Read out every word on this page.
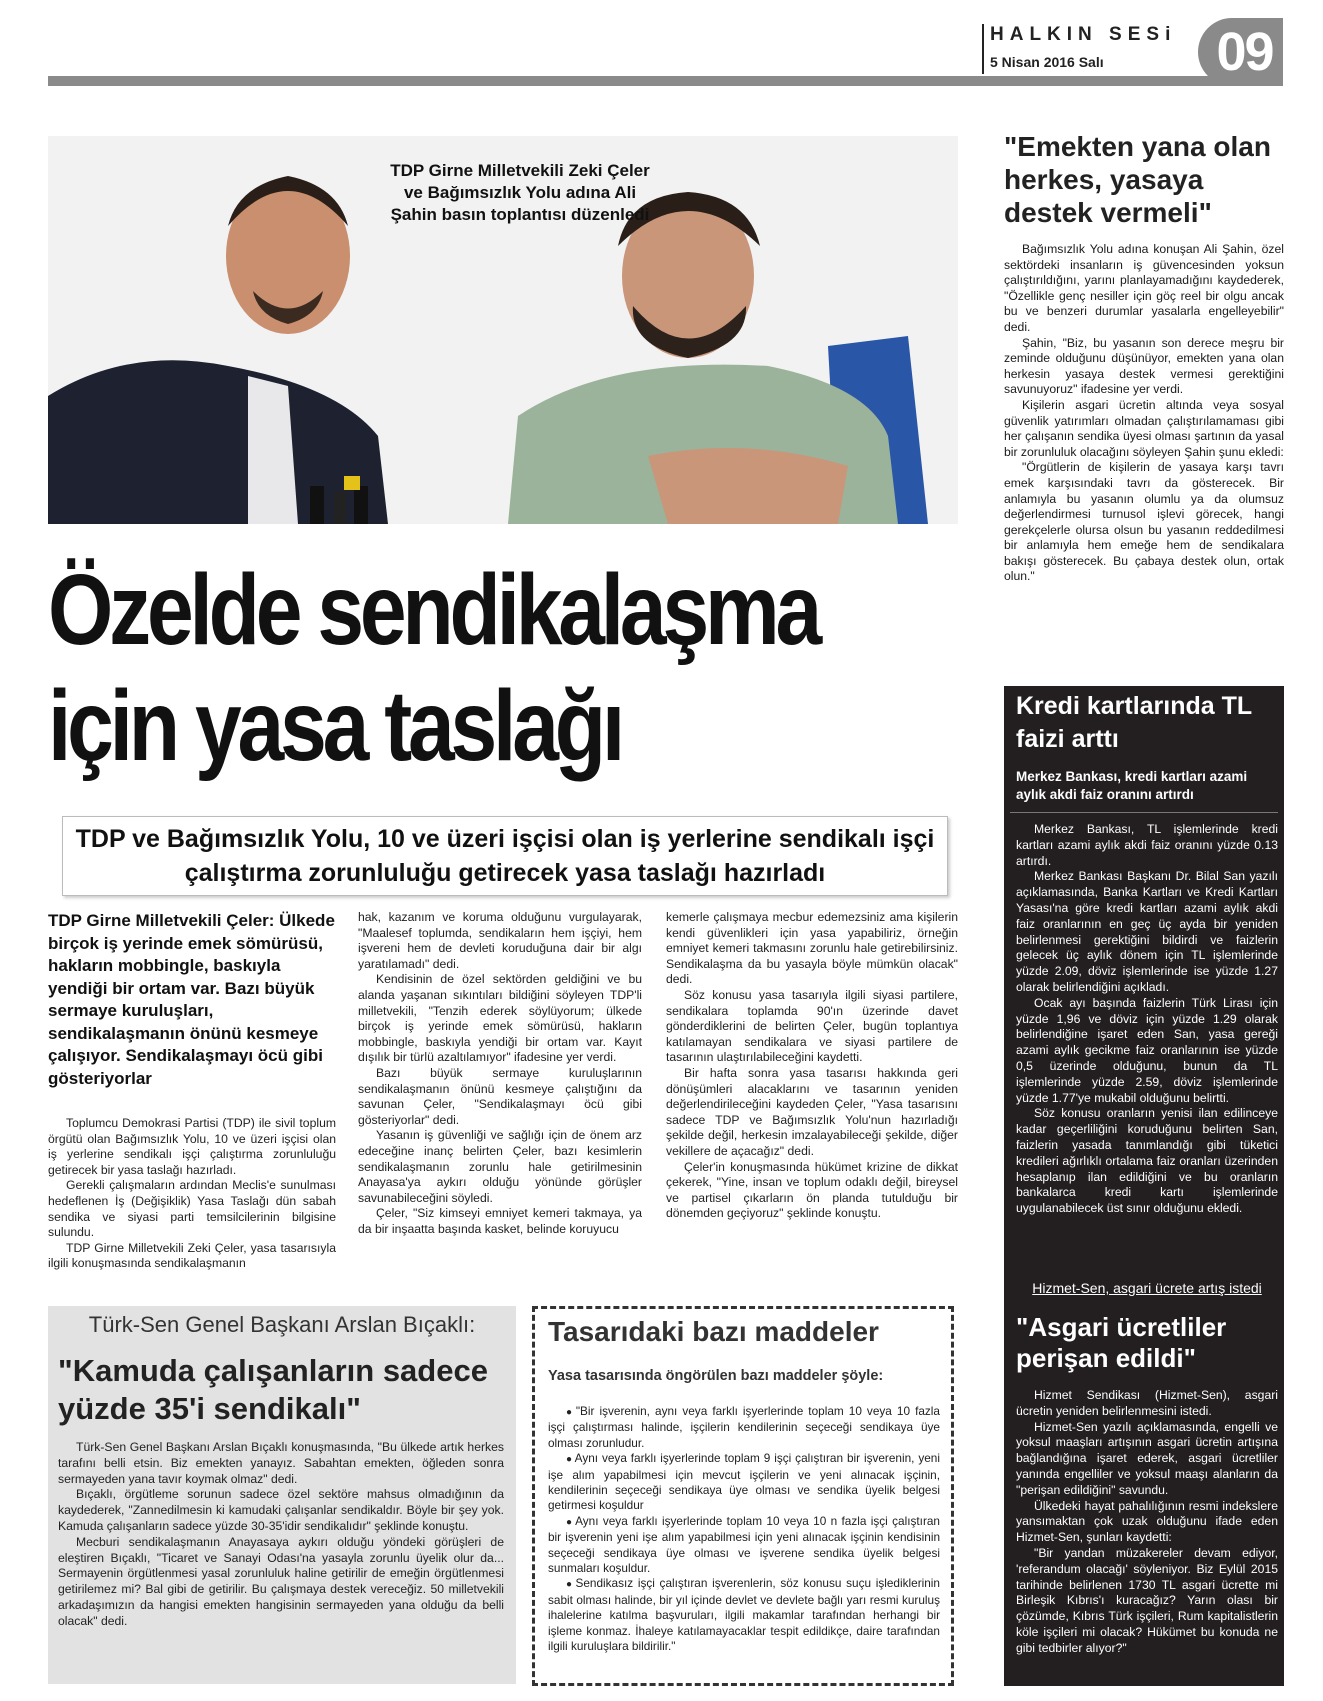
HALKIN SESi
5 Nisan 2016 Salı 09
TDP Girne Milletvekili Zeki Çeler ve Bağımsızlık Yolu adına Ali Şahin basın toplantısı düzenledi
Özelde sendikalaşma
için yasa taslağı
TDP ve Bağımsızlık Yolu, 10 ve üzeri işçisi olan iş yerlerine sendikalı işçi çalıştırma zorunluluğu getirecek yasa taslağı hazırladı
TDP Girne Milletvekili Çeler: Ülkede birçok iş yerinde emek sömürüsü, hakların mobbingle, baskıyla yendiği bir ortam var. Bazı büyük sermaye kuruluşları, sendikalaşmanın önünü kesmeye çalışıyor. Sendikalaşmayı öcü gibi gösteriyorlar

Toplumcu Demokrasi Partisi (TDP) ile sivil toplum örgütü olan Bağımsızlık Yolu, 10 ve üzeri işçisi olan iş yerlerine sendikalı işçi çalıştırma zorunluluğu getirecek bir yasa taslağı hazırladı.

Gerekli çalışmaların ardından Meclis'e sunulması hedeflenen İş (Değişiklik) Yasa Taslağı dün sabah sendika ve siyasi parti temsilcilerinin bilgisine sulundu.

TDP Girne Milletvekili Zeki Çeler, yasa tasarısıyla ilgili konuşmasında sendikalaşmanın

hak, kazanım ve koruma olduğunu vurgulayarak, "Maalesef toplumda, sendikaların hem işçiyi, hem işvereni hem de devleti koruduğuna dair bir algı yaratılamadı" dedi.

Kendisinin de özel sektörden geldiğini ve bu alanda yaşanan sıkıntıları bildiğini söyleyen TDP'li milletvekili, "Tenzih ederek söylüyorum; ülkede birçok iş yerinde emek sömürüsü, hakların mobbingle, baskıyla yendiği bir ortam var. Kayıt dışılık bir türlü azaltılamıyor" ifadesine yer verdi.

Bazı büyük sermaye kuruluşlarının sendikalaşmanın önünü kesmeye çalıştığını da savunan Çeler, "Sendikalaşmayı öcü gibi gösteriyorlar" dedi.

Yasanın iş güvenliği ve sağlığı için de önem arz edeceğine inanç belirten Çeler, bazı kesimlerin sendikalaşmanın zorunlu hale getirilmesinin Anayasa'ya aykırı olduğu yönünde görüşler savunabileceğini söyledi.

Çeler, "Siz kimseyi emniyet kemeri takmaya, ya da bir inşaatta başında kasket, belinde koruyucu

kemerle çalışmaya mecbur edemezsiniz ama kişilerin kendi güvenlikleri için yasa yapabiliriz, örneğin emniyet kemeri takmasını zorunlu hale getirebilirsiniz. Sendikalaşma da bu yasayla böyle mümkün olacak" dedi.

Söz konusu yasa tasarıyla ilgili siyasi partilere, sendikalara toplamda 90'ın üzerinde davet gönderdiklerini de belirten Çeler, bugün toplantıya katılamayan sendikalara ve siyasi partilere de tasarının ulaştırılabileceğini kaydetti.

Bir hafta sonra yasa tasarısı hakkında geri dönüşümleri alacaklarını ve tasarının yeniden değerlendirileceğini kaydeden Çeler, "Yasa tasarısını sadece TDP ve Bağımsızlık Yolu'nun hazırladığı şekilde değil, herkesin imzalayabileceği şekilde, diğer vekillere de açacağız" dedi.

Çeler'in konuşmasında hükümet krizine de dikkat çekerek, "Yine, insan ve toplum odaklı değil, bireysel ve partisel çıkarların ön planda tutulduğu bir dönemden geçiyoruz" şeklinde konuştu.

"Emekten yana olan herkes, yasaya destek vermeli"

Bağımsızlık Yolu adına konuşan Ali Şahin, özel sektördeki insanların iş güvencesinden yoksun çalıştırıldığını, yarını planlayamadığını kaydederek, "Özellikle genç nesiller için göç reel bir olgu ancak bu ve benzeri durumlar yasalarla engelleyebilir" dedi.

Şahin, "Biz, bu yasanın son derece meşru bir zeminde olduğunu düşünüyor, emekten yana olan herkesin yasaya destek vermesi gerektiğini savunuyoruz" ifadesine yer verdi.

Kişilerin asgari ücretin altında veya sosyal güvenlik yatırımları olmadan çalıştırılamaması gibi her çalışanın sendika üyesi olması şartının da yasal bir zorunluluk olacağını söyleyen Şahin şunu ekledi:

"Örgütlerin de kişilerin de yasaya karşı tavrı emek karşısındaki tavrı da gösterecek. Bir anlamıyla bu yasanın olumlu ya da olumsuz değerlendirmesi turnusol işlevi görecek, hangi gerekçelerle olursa olsun bu yasanın reddedilmesi bir anlamıyla hem emeğe hem de sendikalara bakışı gösterecek. Bu çabaya destek olun, ortak olun."

Kredi kartlarında TL faizi arttı
Merkez Bankası, kredi kartları azami aylık akdi faiz oranını artırdı

Merkez Bankası, TL işlemlerinde kredi kartları azami aylık akdi faiz oranını yüzde 0.13 artırdı.

Merkez Bankası Başkanı Dr. Bilal San yazılı açıklamasında, Banka Kartları ve Kredi Kartları Yasası'na göre kredi kartları azami aylık akdi faiz oranlarının en geç üç ayda bir yeniden belirlenmesi gerektiğini bildirdi ve faizlerin gelecek üç aylık dönem için TL işlemlerinde yüzde 2.09, döviz işlemlerinde ise yüzde 1.27 olarak belirlendiğini açıkladı.

Ocak ayı başında faizlerin Türk Lirası için yüzde 1,96 ve döviz için yüzde 1.29 olarak belirlendiğine işaret eden San, yasa gereği azami aylık gecikme faiz oranlarının ise yüzde 0,5 üzerinde olduğunu, bunun da TL işlemlerinde yüzde 2.59, döviz işlemlerinde yüzde 1.77'ye mukabil olduğunu belirtti.

Söz konusu oranların yenisi ilan edilinceye kadar geçerliliğini koruduğunu belirten San, faizlerin yasada tanımlandığı gibi tüketici kredileri ağırlıklı ortalama faiz oranları üzerinden hesaplanıp ilan edildiğini ve bu oranların bankalarca kredi kartı işlemlerinde uygulanabilecek üst sınır olduğunu ekledi.

Hizmet-Sen, asgari ücrete artış istedi
"Asgari ücretliler perişan edildi"

Hizmet Sendikası (Hizmet-Sen), asgari ücretin yeniden belirlenmesini istedi.

Hizmet-Sen yazılı açıklamasında, engelli ve yoksul maaşları artışının asgari ücretin artışına bağlandığına işaret ederek, asgari ücretliler yanında engelliler ve yoksul maaşı alanların da "perişan edildiğini" savundu.

Ülkedeki hayat pahalılığının resmi indekslere yansımaktan çok uzak olduğunu ifade eden Hizmet-Sen, şunları kaydetti:

"Bir yandan müzakereler devam ediyor, 'referandum olacağı' söyleniyor. Biz Eylül 2015 tarihinde belirlenen 1730 TL asgari ücrette mi Birleşik Kıbrıs'ı kuracağız? Yarın olası bir çözümde, Kıbrıs Türk işçileri, Rum kapitalistlerin köle işçileri mi olacak? Hükümet bu konuda ne gibi tedbirler alıyor?"

Türk-Sen Genel Başkanı Arslan Bıçaklı:
"Kamuda çalışanların sadece yüzde 35'i sendikalı"

Türk-Sen Genel Başkanı Arslan Bıçaklı konuşmasında, "Bu ülkede artık herkes tarafını belli etsin. Biz emekten yanayız. Sabahtan emekten, öğleden sonra sermayeden yana tavır koymak olmaz" dedi.

Bıçaklı, örgütleme sorunun sadece özel sektöre mahsus olmadığının da kaydederek, "Zannedilmesin ki kamudaki çalışanlar sendikaldır. Böyle bir şey yok. Kamuda çalışanların sadece yüzde 30-35'idir sendikalıdır" şeklinde konuştu.

Mecburi sendikalaşmanın Anayasaya aykırı olduğu yöndeki görüşleri de eleştiren Bıçaklı, "Ticaret ve Sanayi Odası'na yasayla zorunlu üyelik olur da... Sermayenin örgütlenmesi yasal zorunluluk haline getirilir de emeğin örgütlenmesi getirilemez mi? Bal gibi de getirilir. Bu çalışmaya destek vereceğiz. 50 milletvekili arkadaşımızın da hangisi emekten hangisinin sermayeden yana olduğu da belli olacak" dedi.

Tasarıdaki bazı maddeler
Yasa tasarısında öngörülen bazı maddeler şöyle:

● "Bir işverenin, aynı veya farklı işyerlerinde toplam 10 veya 10 fazla işçi çalıştırması halinde, işçilerin kendilerinin seçeceği sendikaya üye olması zorunludur.

● Aynı veya farklı işyerlerinde toplam 9 işçi çalıştıran bir işverenin, yeni işe alım yapabilmesi için mevcut işçilerin ve yeni alınacak işçinin, kendilerinin seçeceği sendikaya üye olması ve sendika üyelik belgesi getirmesi koşuldur

● Aynı veya farklı işyerlerinde toplam 10 veya 10 n fazla işçi çalıştıran bir işverenin yeni işe alım yapabilmesi için yeni alınacak işçinin kendisinin seçeceği sendikaya üye olması ve işverene sendika üyelik belgesi sunmaları koşuldur.

● Sendikasız işçi çalıştıran işverenlerin, söz konusu suçu işlediklerinin sabit olması halinde, bir yıl içinde devlet ve devlete bağlı yarı resmi kuruluş ihalelerine katılma başvuruları, ilgili makamlar tarafından herhangi bir işleme konmaz. İhaleye katılamayacaklar tespit edildikçe, daire tarafından ilgili kuruluşlara bildirilir."
